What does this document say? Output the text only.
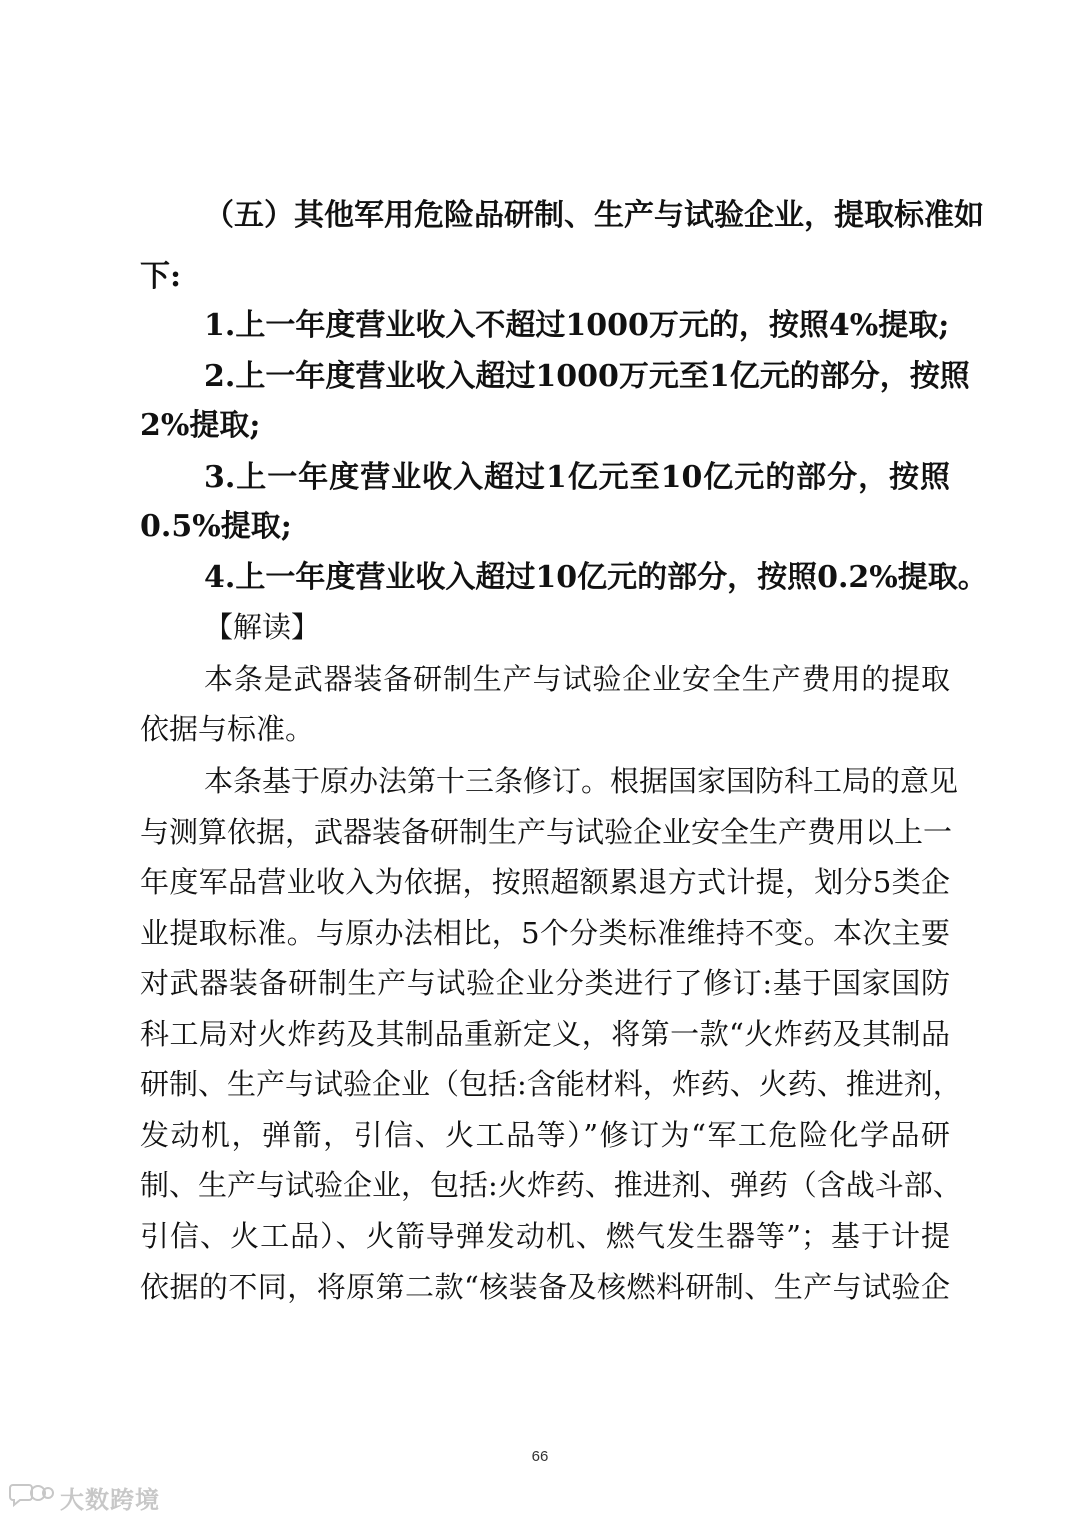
（五）其他军用危险品研制、生产与试验企业，提取标准如
下:
1.上一年度营业收入不超过1000万元的，按照4%提取;
2.上一年度营业收入超过1000万元至1亿元的部分，按照
2%提取;
3.上一年度营业收入超过1亿元至10亿元的部分，按照
0.5%提取;
4.上一年度营业收入超过10亿元的部分，按照0.2%提取。
【解读】
本条是武器装备研制生产与试验企业安全生产费用的提取
依据与标准。
本条基于原办法第十三条修订。根据国家国防科工局的意见
与测算依据，武器装备研制生产与试验企业安全生产费用以上一
年度军品营业收入为依据，按照超额累退方式计提，划分5类企
业提取标准。与原办法相比，5个分类标准维持不变。本次主要
对武器装备研制生产与试验企业分类进行了修订:基于国家国防
科工局对火炸药及其制品重新定义，将第一款“火炸药及其制品
研制、生产与试验企业（包括:含能材料，炸药、火药、推进剂，
发动机，弹箭，引信、火工品等）”修订为“军工危险化学品研
制、生产与试验企业，包括:火炸药、推进剂、弹药（含战斗部、
引信、火工品）、火箭导弹发动机、燃气发生器等”；基于计提
依据的不同，将原第二款“核装备及核燃料研制、生产与试验企
66
大数跨境
